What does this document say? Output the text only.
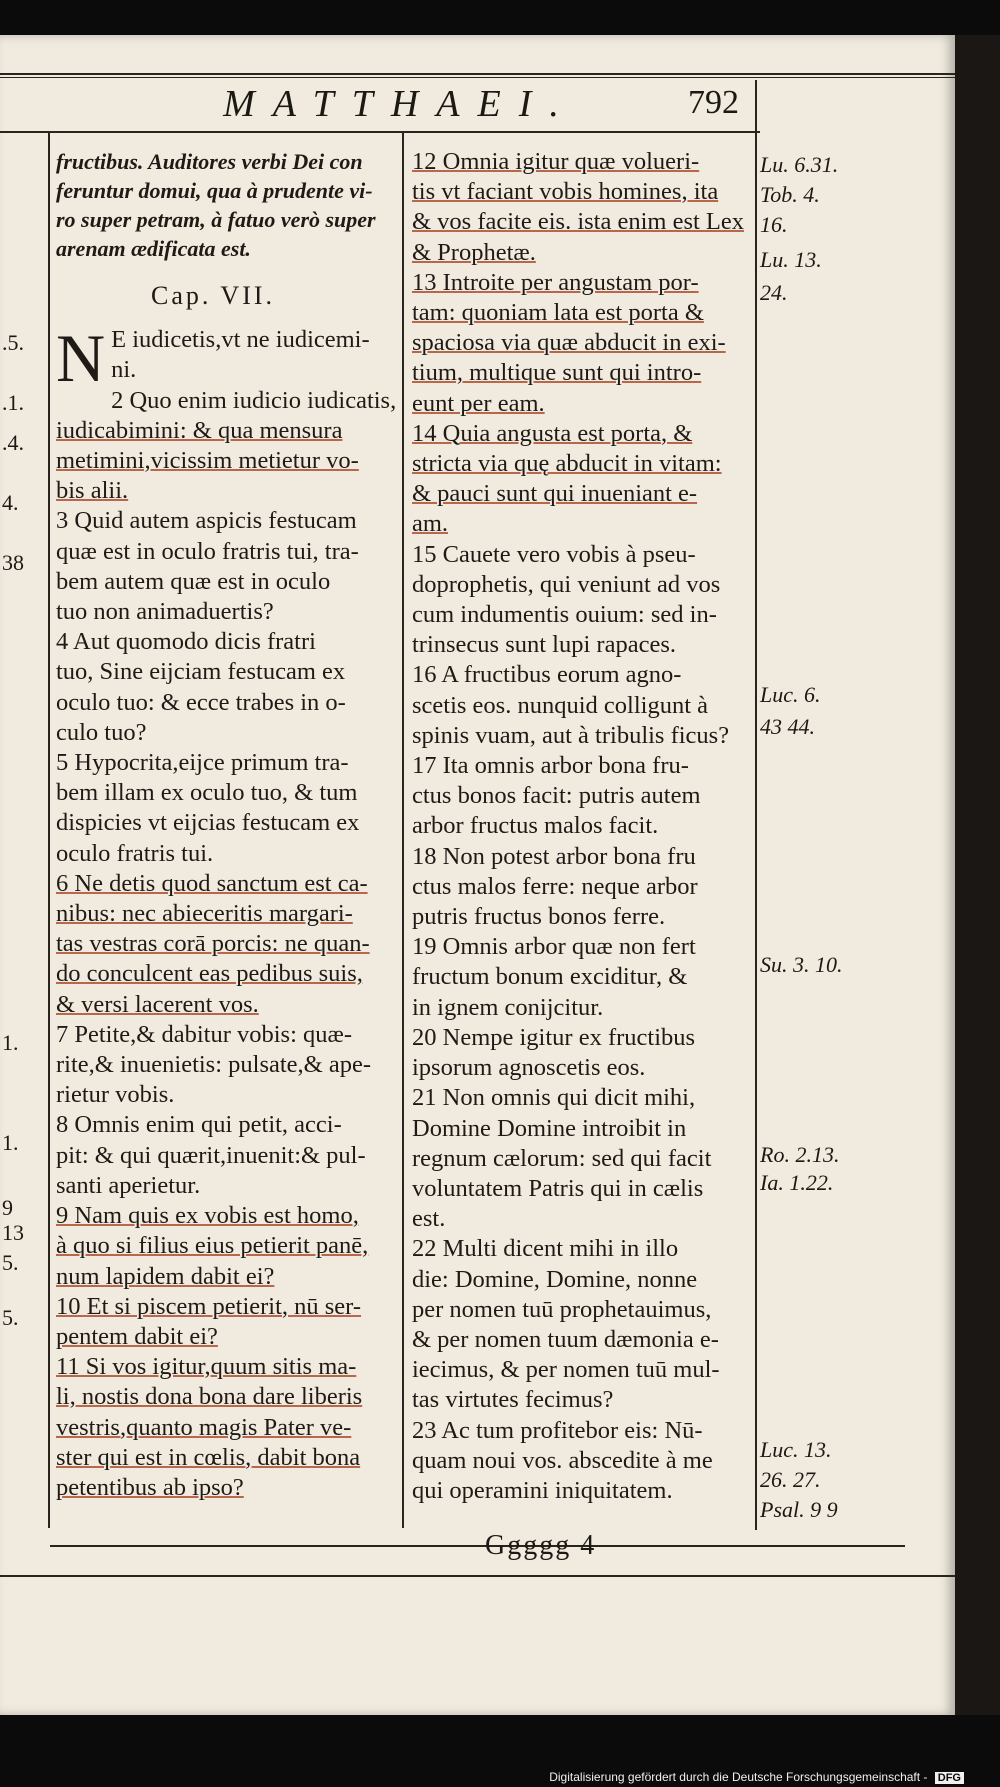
MATTHAEI.	792
.5.
.1.
.4.
4.
38
1.
1.
9
13
5.
5.

fructibus. Auditores verbi Dei con

feruntur domui, qua à prudente vi-

ro super petram, à fatuo verò super

arenam ædificata est.

Cap. VII.

N E iudicetis,vt ne iudicemi-

ni.

2 Quo enim iudicio iudicatis,

iudicabimini: & qua mensura

metimini,vicissim metietur vo-

bis alii.

3 Quid autem aspicis festucam

quæ est in oculo fratris tui, tra-

bem autem quæ est in oculo

tuo non animaduertis?

4 Aut quomodo dicis fratri

tuo, Sine eijciam festucam ex

oculo tuo: & ecce trabes in o-

culo tuo?

5 Hypocrita,eijce primum tra-

bem illam ex oculo tuo, & tum

dispicies vt eijcias festucam ex

oculo fratris tui.

6 Ne detis quod sanctum est ca-

nibus: nec abieceritis margari-

tas vestras corā porcis: ne quan-

do conculcent eas pedibus suis,

& versi lacerent vos.

7 Petite,& dabitur vobis: quæ-

rite,& inuenietis: pulsate,& ape-

rietur vobis.

8 Omnis enim qui petit, acci-

pit: & qui quærit,inuenit:& pul-

santi aperietur.

9 Nam quis ex vobis est homo,

à quo si filius eius petierit panē,

num lapidem dabit ei?

10 Et si piscem petierit, nū ser-

pentem dabit ei?

11 Si vos igitur,quum sitis ma-

li, nostis dona bona dare liberis

vestris,quanto magis Pater ve-

ster qui est in cœlis, dabit bona

petentibus ab ipso?

12 Omnia igitur quæ volueri-

tis vt faciant vobis homines, ita

& vos facite eis. ista enim est Lex

& Prophetæ.

13 Introite per angustam por-

tam: quoniam lata est porta &

spaciosa via quæ abducit in exi-

tium, multique sunt qui intro-

eunt per eam.

14 Quia angusta est porta, &

stricta via quę abducit in vitam:

& pauci sunt qui inueniant e-

am.

15 Cauete vero vobis à pseu-

doprophetis, qui veniunt ad vos

cum indumentis ouium: sed in-

trinsecus sunt lupi rapaces.

16 A fructibus eorum agno-

scetis eos. nunquid colligunt à

spinis vuam, aut à tribulis ficus?

17 Ita omnis arbor bona fru-

ctus bonos facit: putris autem

arbor fructus malos facit.

18 Non potest arbor bona fru

ctus malos ferre: neque arbor

putris fructus bonos ferre.

19 Omnis arbor quæ non fert

fructum bonum exciditur, &

in ignem conijcitur.

20 Nempe igitur ex fructibus

ipsorum agnoscetis eos.

21 Non omnis qui dicit mihi,

Domine Domine introibit in

regnum cælorum: sed qui facit

voluntatem Patris qui in cælis

est.

22 Multi dicent mihi in illo

die: Domine, Domine, nonne

per nomen tuū prophetauimus,

& per nomen tuum dæmonia e-

iecimus, & per nomen tuū mul-

tas virtutes fecimus?

23 Ac tum profitebor eis: Nū-

quam noui vos. abscedite à me

qui operamini iniquitatem.

Lu. 6.31.
Tob. 4.
16.
Lu. 13.
24.
Luc. 6.
43 44.
Su. 3. 10.
Ro. 2.13.
Ia. 1.22.
Luc. 13.
26. 27.
Psal. 9 9
Ggggg 4
Digitalisierung gefördert durch die Deutsche Forschungsgemeinschaft - DFG
